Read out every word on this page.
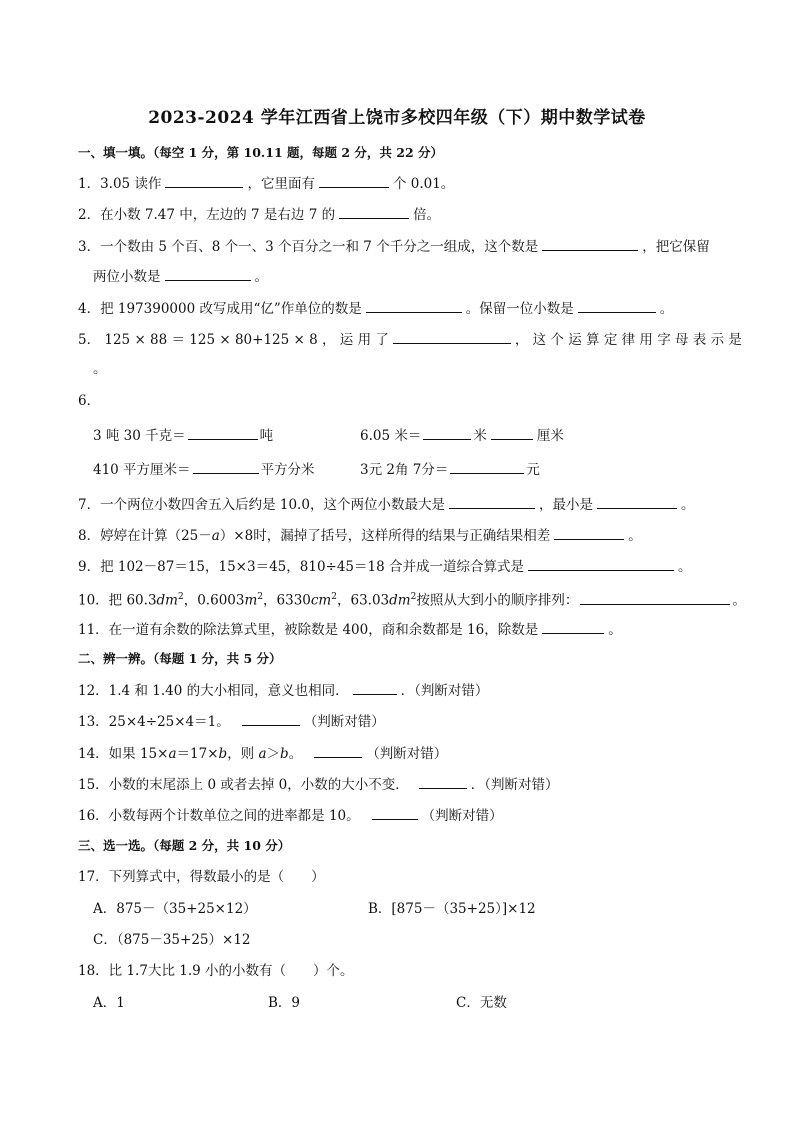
2023-2024 学年江西省上饶市多校四年级（下）期中数学试卷
一、填一填。（每空 1 分，第 10.11 题，每题 2 分，共 22 分）
1．3.05 读作	，它里面有	个 0.01。
2．在小数 7.47 中，左边的 7 是右边 7 的	倍。
3．一个数由 5 个百、8 个一、3 个百分之一和 7 个千分之一组成，这个数是	，把它保留
两位小数是	。
4．把 197390000 改写成用“亿”作单位的数是	。保留一位小数是	。
5． 125 × 88 ＝ 125 × 80+125 × 8 ， 运 用 了	， 这 个 运 算 定 律 用 字 母 表 示 是
。
6．
3 吨 30 千克＝	吨	6.05 米＝	米	厘米
410 平方厘米＝	平方分米	3元 2角 7分＝	元
7．一个两位小数四舍五入后约是 10.0，这个两位小数最大是	，最小是	。
8．婷婷在计算（25－a）×8时，漏掉了括号，这样所得的结果与正确结果相差	。
9．把 102－87＝15，15×3＝45，810÷45＝18 合并成一道综合算式是	。
10．把 $60.3dm^2$，$0.6003m^2$，$6330cm^2$，$63.03dm^2$按照从大到小的顺序排列：	。
11．在一道有余数的除法算式里，被除数是 400，商和余数都是 16，除数是	。
二、辨一辨。（每题 1 分，共 5 分）
12．1.4 和 1.40 的大小相同，意义也相同．	．（判断对错）
13．25×4÷25×4＝1。	（判断对错）
14．如果 15×a＝17×b，则 a＞b。	（判断对错）
15．小数的末尾添上 0 或者去掉 0，小数的大小不变．	．（判断对错）
16．小数每两个计数单位之间的进率都是 10。	（判断对错）
三、选一选。（每题 2 分，共 10 分）
17．下列算式中，得数最小的是（　　）
A．875－（35+25×12）	B．[875－（35+25）]×12
C．（875－35+25）×12
18．比 1.7大比 1.9 小的小数有（　　）个。
A．1	B．9	C．无数
